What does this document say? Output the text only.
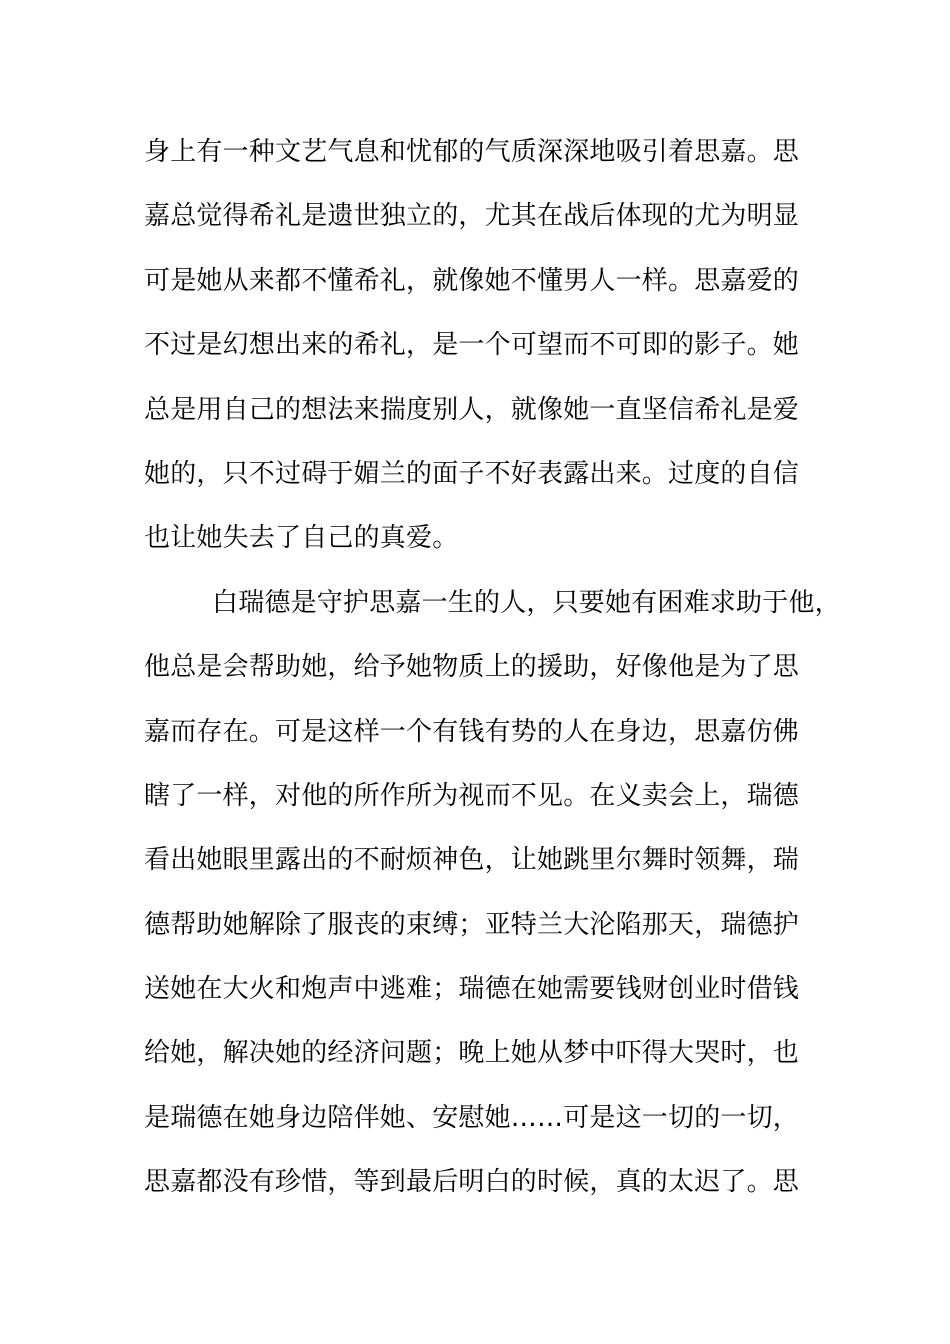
身上有一种文艺气息和忧郁的气质深深地吸引着思嘉。思
嘉总觉得希礼是遗世独立的，尤其在战后体现的尤为明显
可是她从来都不懂希礼，就像她不懂男人一样。思嘉爱的
不过是幻想出来的希礼，是一个可望而不可即的影子。她
总是用自己的想法来揣度别人，就像她一直坚信希礼是爱
她的，只不过碍于媚兰的面子不好表露出来。过度的自信
也让她失去了自己的真爱。
白瑞德是守护思嘉一生的人，只要她有困难求助于他，
他总是会帮助她，给予她物质上的援助，好像他是为了思
嘉而存在。可是这样一个有钱有势的人在身边，思嘉仿佛
瞎了一样，对他的所作所为视而不见。在义卖会上，瑞德
看出她眼里露出的不耐烦神色，让她跳里尔舞时领舞，瑞
德帮助她解除了服丧的束缚；亚特兰大沦陷那天，瑞德护
送她在大火和炮声中逃难；瑞德在她需要钱财创业时借钱
给她，解决她的经济问题；晚上她从梦中吓得大哭时，也
是瑞德在她身边陪伴她、安慰她……可是这一切的一切，
思嘉都没有珍惜，等到最后明白的时候，真的太迟了。思
